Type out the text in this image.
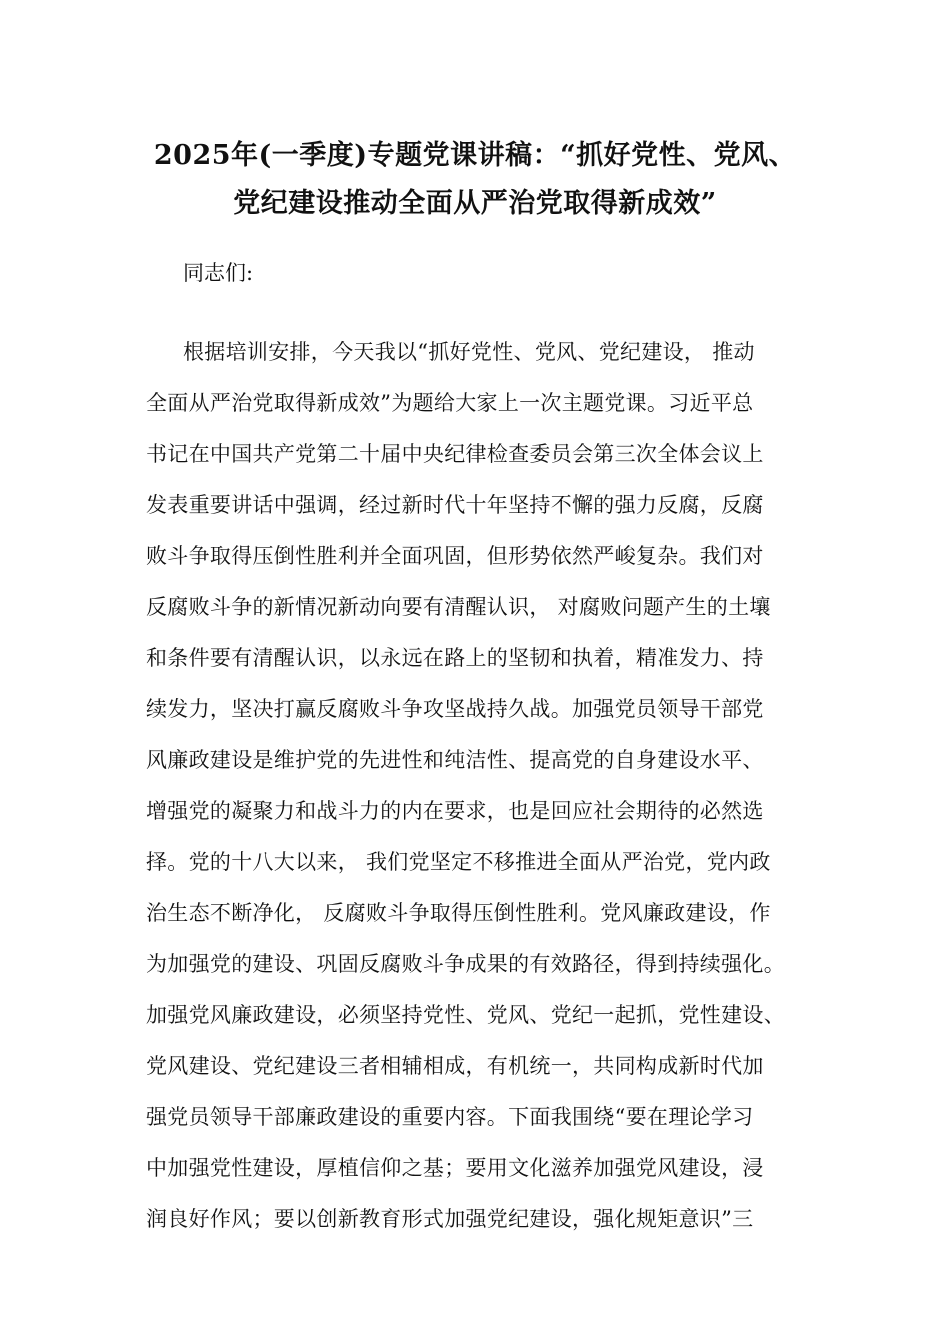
2025年(一季度)专题党课讲稿：“抓好党性、党风、
党纪建设推动全面从严治党取得新成效”

同志们:

根据培训安排，今天我以“抓好党性、党风、党纪建设， 推动
全面从严治党取得新成效”为题给大家上一次主题党课。习近平总
书记在中国共产党第二十届中央纪律检查委员会第三次全体会议上
发表重要讲话中强调，经过新时代十年坚持不懈的强力反腐，反腐
败斗争取得压倒性胜利并全面巩固，但形势依然严峻复杂。我们对
反腐败斗争的新情况新动向要有清醒认识， 对腐败问题产生的土壤
和条件要有清醒认识，以永远在路上的坚韧和执着，精准发力、持
续发力，坚决打赢反腐败斗争攻坚战持久战。加强党员领导干部党
风廉政建设是维护党的先进性和纯洁性、提高党的自身建设水平、
增强党的凝聚力和战斗力的内在要求，也是回应社会期待的必然选
择。党的十八大以来， 我们党坚定不移推进全面从严治党，党内政
治生态不断净化， 反腐败斗争取得压倒性胜利。党风廉政建设，作
为加强党的建设、巩固反腐败斗争成果的有效路径，得到持续强化。
加强党风廉政建设，必须坚持党性、党风、党纪一起抓，党性建设、
党风建设、党纪建设三者相辅相成，有机统一，共同构成新时代加
强党员领导干部廉政建设的重要内容。下面我围绕“要在理论学习
中加强党性建设，厚植信仰之基；要用文化滋养加强党风建设，浸
润良好作风；要以创新教育形式加强党纪建设，强化规矩意识”三
